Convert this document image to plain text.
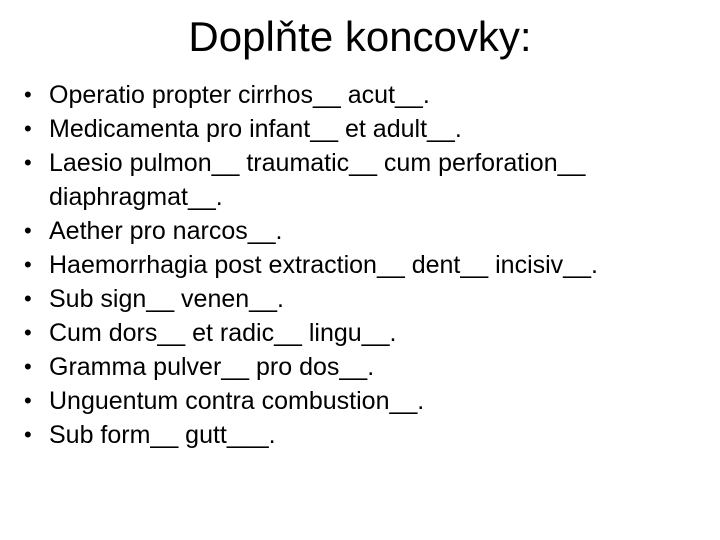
Doplňte koncovky:
• Operatio propter cirrhos__ acut__.
• Medicamenta pro infant__ et adult__.
• Laesio pulmon__ traumatic__ cum perforation__ diaphragmat__.
• Aether pro narcos__.
• Haemorrhagia post extraction__ dent__ incisiv__.
• Sub sign__ venen__.
• Cum dors__ et radic__ lingu__.
• Gramma pulver__ pro dos__.
• Unguentum contra combustion__.
• Sub form__ gutt___.
